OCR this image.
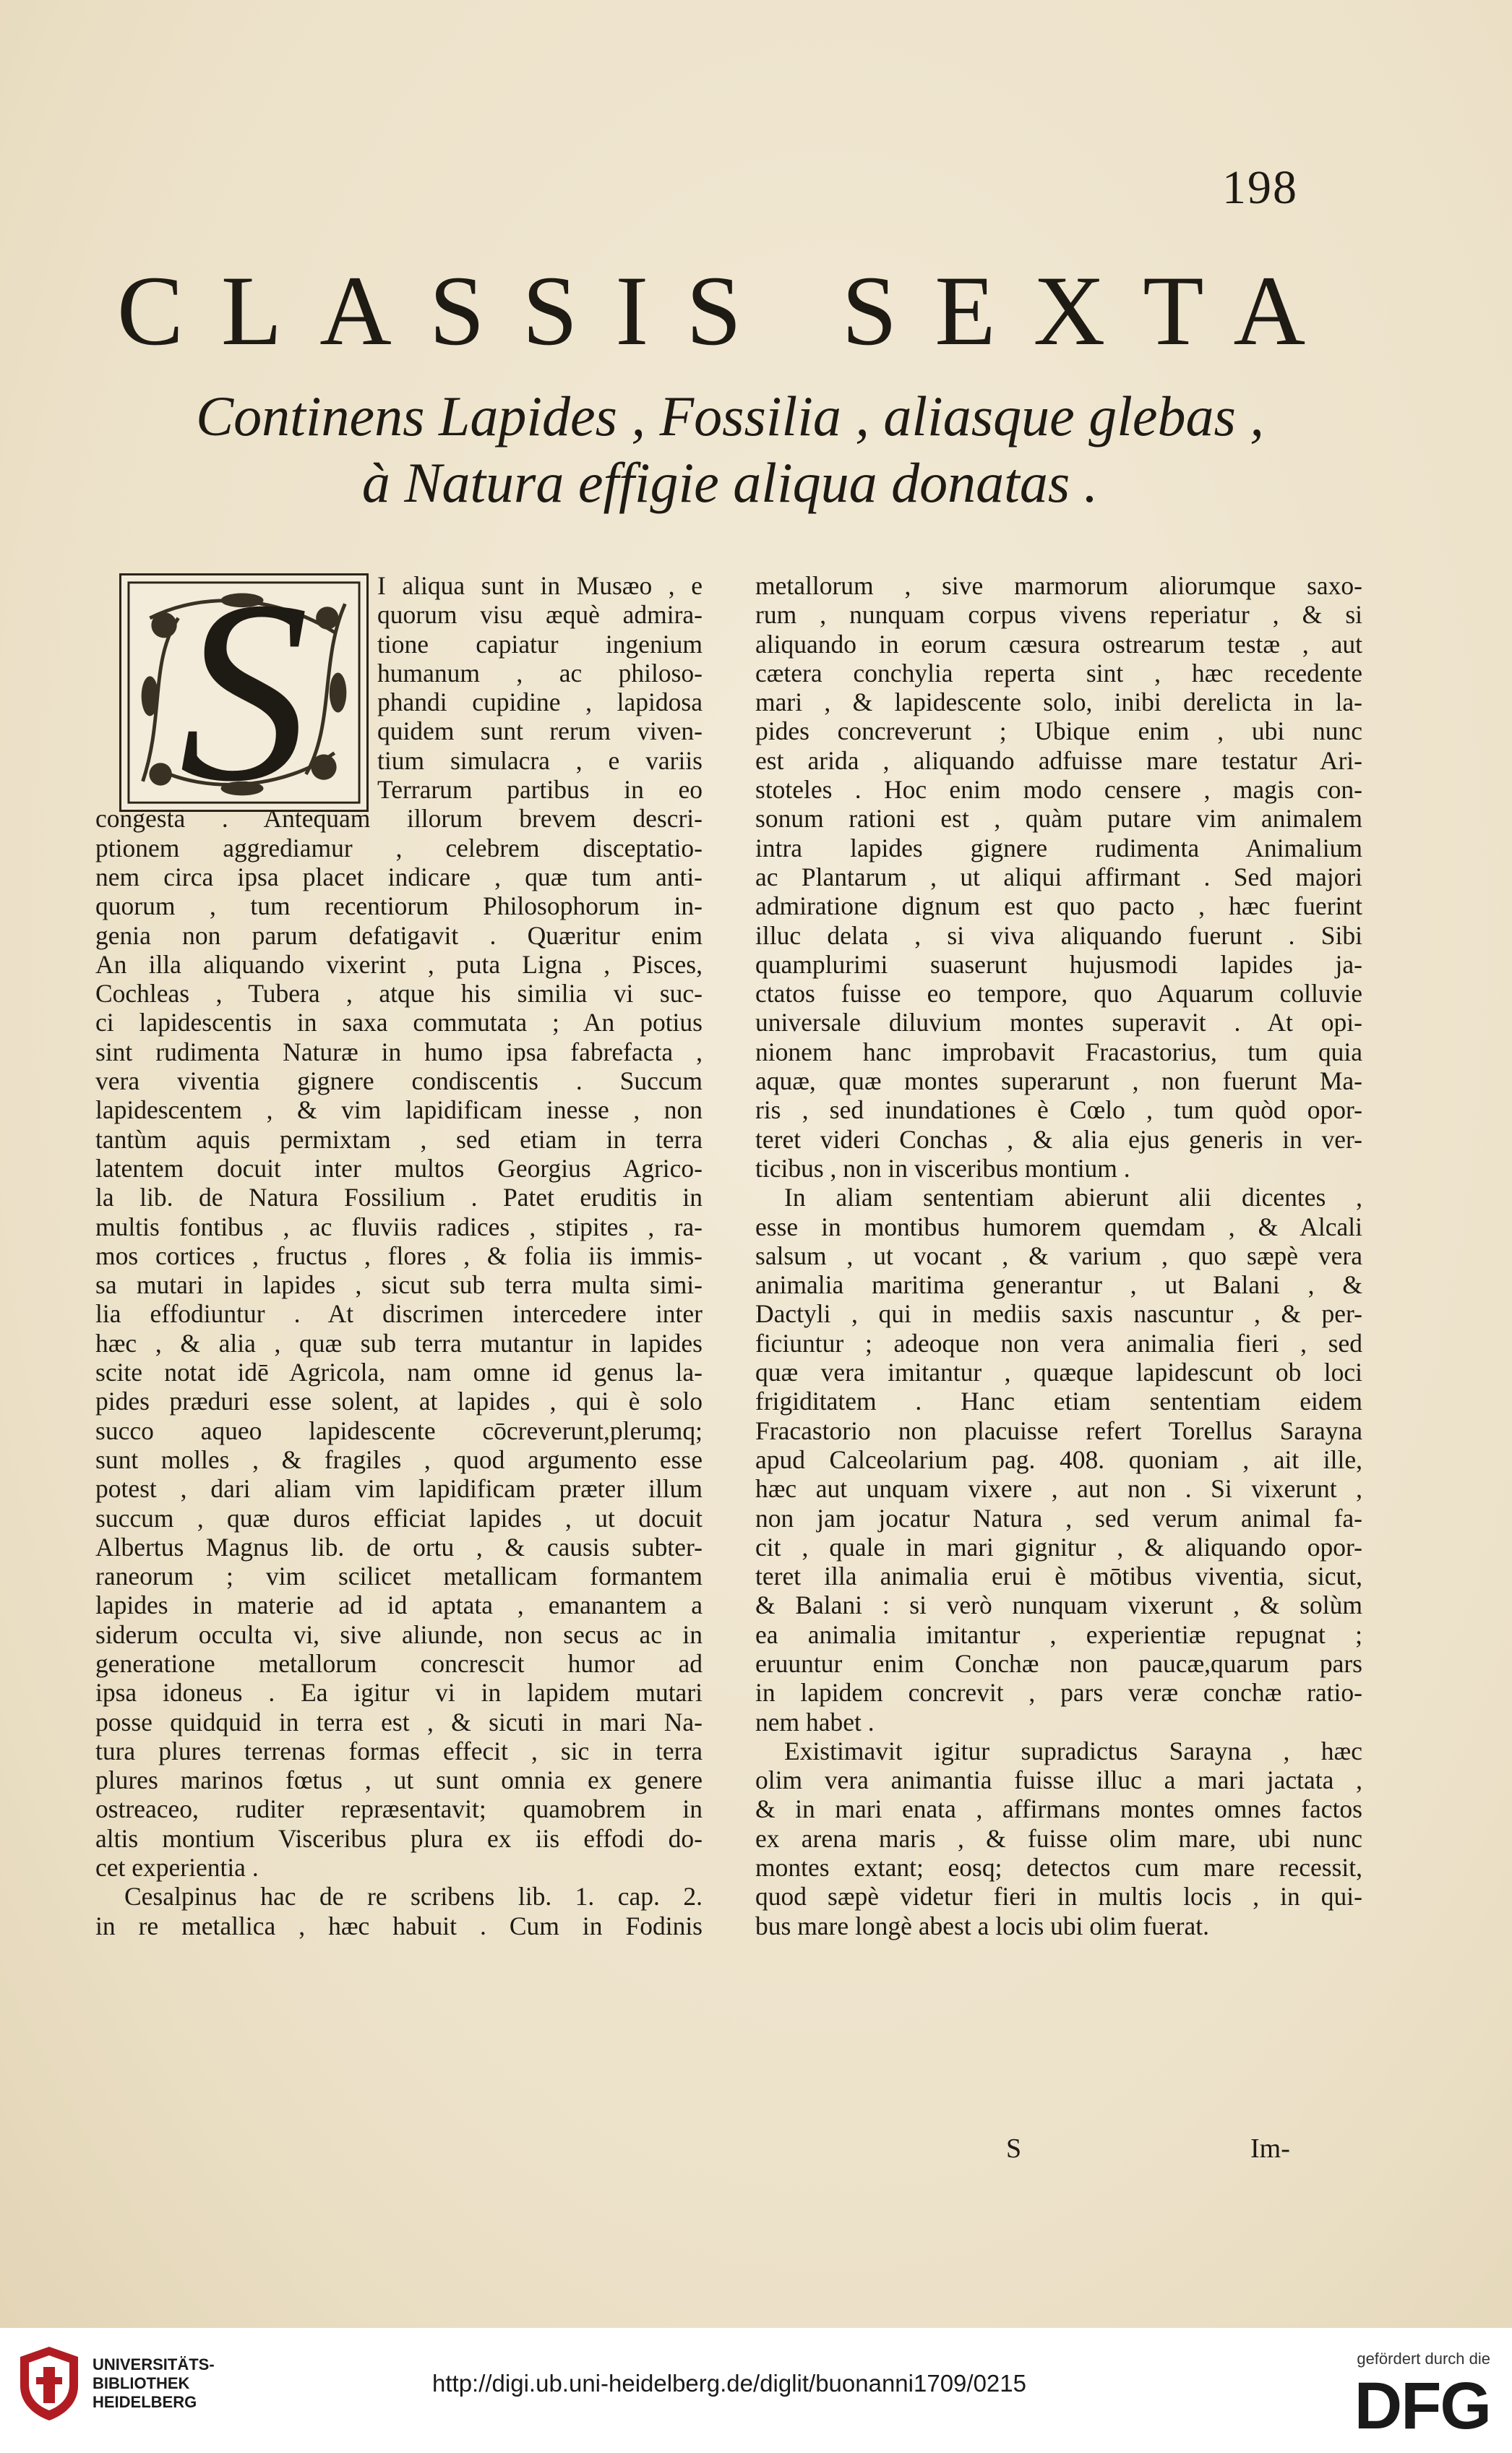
198
CLASSIS SEXTA
Continens Lapides , Fossilia , aliasque glebas ,
à Natura effigie aliqua donatas .
S	I aliqua sunt in Musæo , e
quorum visu æquè admira-
tione capiatur ingenium
humanum , ac philoso-
phandi cupidine , lapidosa
quidem sunt rerum viven-
tium simulacra , e variis
Terrarum partibus in eo
congesta . Antequam illorum brevem descri-
ptionem aggrediamur , celebrem disceptatio-
nem circa ipsa placet indicare , quæ tum anti-
quorum , tum recentiorum Philosophorum in-
genia non parum defatigavit . Quæritur enim
An illa aliquando vixerint , puta Ligna , Pisces,
Cochleas , Tubera , atque his similia vi suc-
ci lapidescentis in saxa commutata ; An potius
sint rudimenta Naturæ in humo ipsa fabrefacta ,
vera viventia gignere condiscentis . Succum
lapidescentem , & vim lapidificam inesse , non
tantùm aquis permixtam , sed etiam in terra
latentem docuit inter multos Georgius Agrico-
la lib. de Natura Fossilium . Patet eruditis in
multis fontibus , ac fluviis radices , stipites , ra-
mos cortices , fructus , flores , & folia iis immis-
sa mutari in lapides , sicut sub terra multa simi-
lia effodiuntur . At discrimen intercedere inter
hæc , & alia , quæ sub terra mutantur in lapides
scite notat idē Agricola, nam omne id genus la-
pides præduri esse solent, at lapides , qui è solo
succo aqueo lapidescente cōcreverunt,plerumq;
sunt molles , & fragiles , quod argumento esse
potest , dari aliam vim lapidificam præter illum
succum , quæ duros efficiat lapides , ut docuit
Albertus Magnus lib. de ortu , & causis subter-
raneorum ; vim scilicet metallicam formantem
lapides in materie ad id aptata , emanantem a
siderum occulta vi, sive aliunde, non secus ac in
generatione metallorum concrescit humor ad
ipsa idoneus . Ea igitur vi in lapidem mutari
posse quidquid in terra est , & sicuti in mari Na-
tura plures terrenas formas effecit , sic in terra
plures marinos fœtus , ut sunt omnia ex genere
ostreaceo, ruditer repræsentavit; quamobrem in
altis montium Visceribus plura ex iis effodi do-
cet experientia .
Cesalpinus hac de re scribens lib. 1. cap. 2.
in re metallica , hæc habuit . Cum in Fodinis
metallorum , sive marmorum aliorumque saxo-
rum , nunquam corpus vivens reperiatur , & si
aliquando in eorum cæsura ostrearum testæ , aut
cætera conchylia reperta sint , hæc recedente
mari , & lapidescente solo, inibi derelicta in la-
pides concreverunt ; Ubique enim , ubi nunc
est arida , aliquando adfuisse mare testatur Ari-
stoteles . Hoc enim modo censere , magis con-
sonum rationi est , quàm putare vim animalem
intra lapides gignere rudimenta Animalium
ac Plantarum , ut aliqui affirmant . Sed majori
admiratione dignum est quo pacto , hæc fuerint
illuc delata , si viva aliquando fuerunt . Sibi
quamplurimi suaserunt hujusmodi lapides ja-
ctatos fuisse eo tempore, quo Aquarum colluvie
universale diluvium montes superavit . At opi-
nionem hanc improbavit Fracastorius, tum quia
aquæ, quæ montes superarunt , non fuerunt Ma-
ris , sed inundationes è Cœlo , tum quòd opor-
teret videri Conchas , & alia ejus generis in ver-
ticibus , non in visceribus montium .
In aliam sententiam abierunt alii dicentes ,
esse in montibus humorem quemdam , & Alcali
salsum , ut vocant , & varium , quo sæpè vera
animalia maritima generantur , ut Balani , &
Dactyli , qui in mediis saxis nascuntur , & per-
ficiuntur ; adeoque non vera animalia fieri , sed
quæ vera imitantur , quæque lapidescunt ob loci
frigiditatem . Hanc etiam sententiam eidem
Fracastorio non placuisse refert Torellus Sarayna
apud Calceolarium pag. 408. quoniam , ait ille,
hæc aut unquam vixere , aut non . Si vixerunt ,
non jam jocatur Natura , sed verum animal fa-
cit , quale in mari gignitur , & aliquando opor-
teret illa animalia erui è mōtibus viventia, sicut,
& Balani : si verò nunquam vixerunt , & solùm
ea animalia imitantur , experientiæ repugnat ;
eruuntur enim Conchæ non paucæ,quarum pars
in lapidem concrevit , pars veræ conchæ ratio-
nem habet .
Existimavit igitur supradictus Sarayna , hæc
olim vera animantia fuisse illuc a mari jactata ,
& in mari enata , affirmans montes omnes factos
ex arena maris , & fuisse olim mare, ubi nunc
montes extant; eosq; detectos cum mare recessit,
quod sæpè videtur fieri in multis locis , in qui-
bus mare longè abest a locis ubi olim fuerat.
S	Im-
UNIVERSITÄTS-
BIBLIOTHEK
HEIDELBERG
http://digi.ub.uni-heidelberg.de/diglit/buonanni1709/0215
gefördert durch die
DFG
